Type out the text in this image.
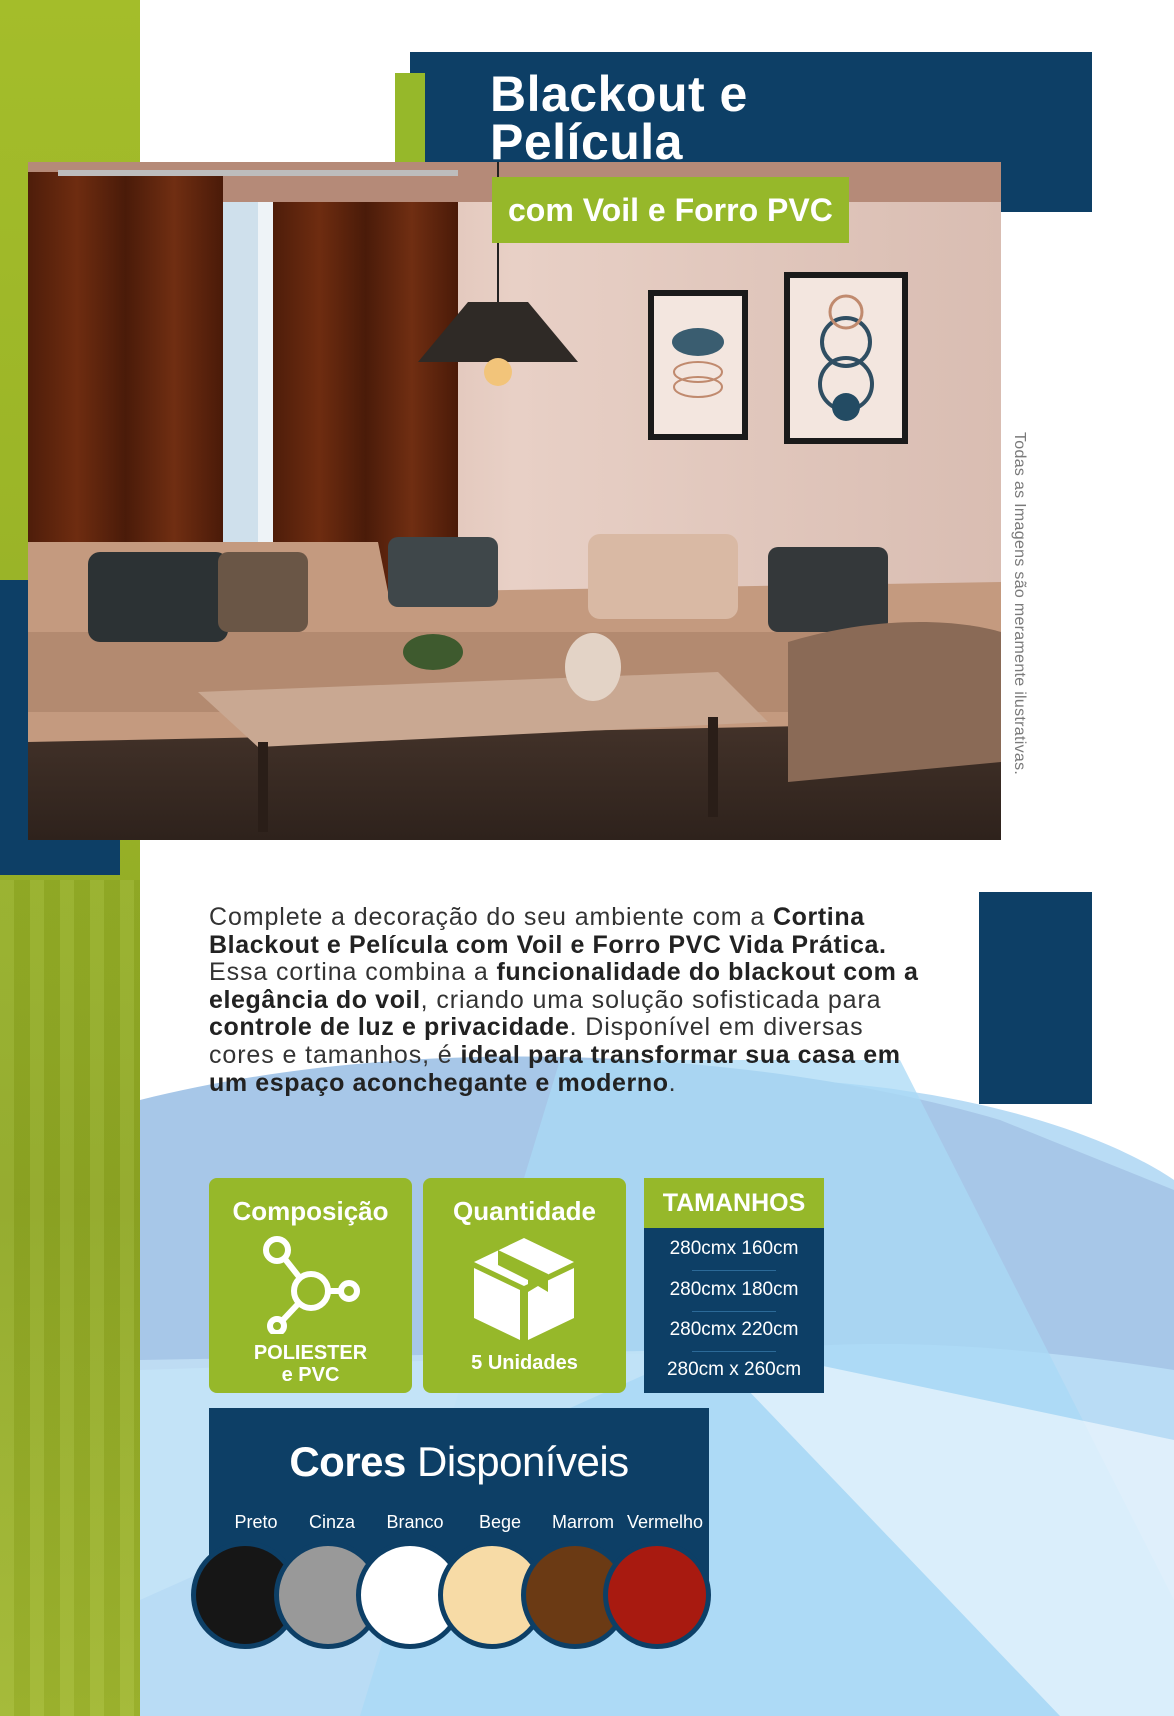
Todas as Imagens são meramente ilustrativas.
Blackout e
Película
com Voil e Forro PVC

Complete a decoração do seu ambiente com a Cortina Blackout e Película com Voil e Forro PVC Vida Prática. Essa cortina combina a funcionalidade do blackout com a elegância do voil, criando uma solução sofisticada para controle de luz e privacidade. Disponível em diversas cores e tamanhos, é ideal para transformar sua casa em um espaço aconchegante e moderno.

Composição
POLIESTER
e PVC
Quantidade
5 Unidades
TAMANHOS
280cmx 160cm
280cmx 180cm
280cmx 220cm
280cm x 260cm
Cores Disponíveis
Preto	Cinza	Branco	Bege	Marrom Vermelho
